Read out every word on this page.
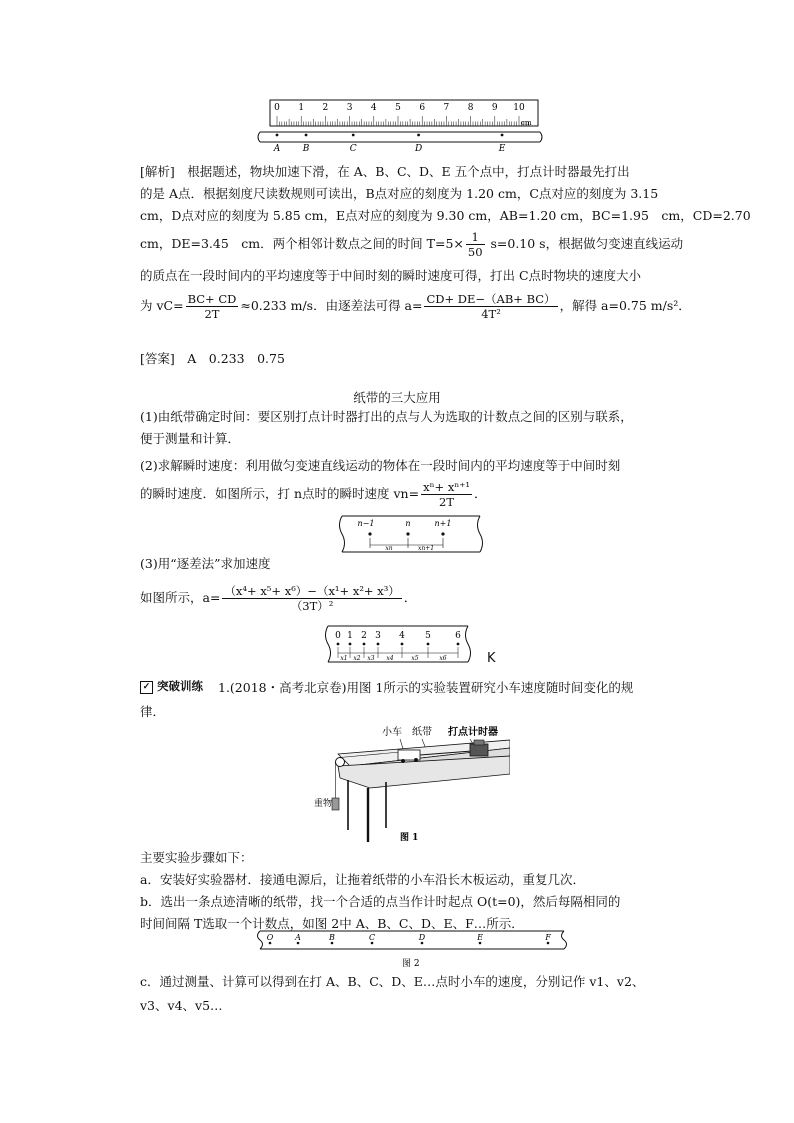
0 1 2 3 4 5 6 7 8 9 10
cm
A B	C	D	E
[解析]　根据题述，物块加速下滑，在 A、B、C、D、E 五个点中，打点计时器最先打出
的是 A点．根据刻度尺读数规则可读出，B点对应的刻度为 1.20 cm，C点对应的刻度为 3.15
cm，D点对应的刻度为 5.85 cm，E点对应的刻度为 9.30 cm，AB=1.20 cm，BC=1.95　cm，CD=2.70
cm，DE=3.45　cm．两个相邻计数点之间的时间 $T=5\times \frac{1}{50} s=0.10$ s，根据做匀变速直线运动
的质点在一段时间内的平均速度等于中间时刻的瞬时速度可得，打出 C点时物块的速度大小
为 $vC= \frac{BC+ CD}{2T} \approx 0.233$ m/s．由逐差法可得 $a= \frac{CD+ DE-(AB+ BC)}{\text{4T²}}$ ，解得 a=0.75 m/s²．
[答案]　A　0.233　0.75
纸带的三大应用
(1)由纸带确定时间：要区别打点计时器打出的点与人为选取的计数点之间的区别与联系，
便于测量和计算．
(2)求解瞬时速度：利用做匀变速直线运动的物体在一段时间内的平均速度等于中间时刻
的瞬时速度．如图所示，打 n点时的瞬时速度 $vn= \frac{\text{xⁿ+ xⁿ⁺¹}}{2T}$ ．
n−1	n	n+1
xn	xn+1
(3)用“逐差法”求加速度
如图所示，$a= \frac{\text{（x⁴+ x⁵+ x⁶）−（x¹+ x²+ x³）}}{\text{（3T）²}}$ ．
0 1 2 3 4 5	6
x1 x2 x3 x4	x5	x6	K
✓ 突破训练 1.(2018・高考北京卷)用图 1所示的实验装置研究小车速度随时间变化的规
律．
小车 纸带 打点计时器
重物
图 1
主要实验步骤如下：
a．安装好实验器材．接通电源后，让拖着纸带的小车沿长木板运动，重复几次．
b．选出一条点迹清晰的纸带，找一个合适的点当作计时起点 O(t=0)，然后每隔相同的
时间间隔 T选取一个计数点，如图 2中 A、B、C、D、E、F…所示．
O	A	B	C	D	E	F
图 2
c．通过测量、计算可以得到在打 A、B、C、D、E…点时小车的速度，分别记作 v1、v2、
v3、v4、v5…
